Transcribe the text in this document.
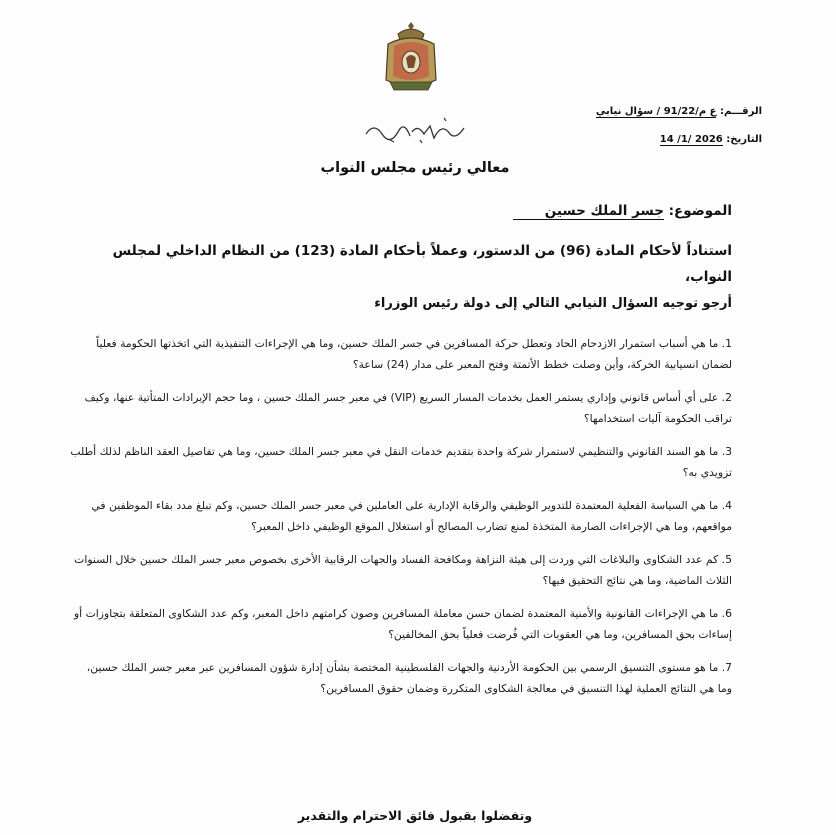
الرقـــم: ع م/91/22 / سؤال نيابي
التاريخ: 2026 /1/ 14
معالي رئيس مجلس النواب
الموضوع: جسر الملك حسين
استناداً لأحكام المادة (96) من الدستور، وعملاً بأحكام المادة (123) من النظام الداخلي لمجلس النواب،
أرجو توجيه السؤال النيابي التالي إلى دولة رئيس الوزراء

1. ما هي أسباب استمرار الازدحام الحاد وتعطل حركة المسافرين في جسر الملك حسين، وما هي الإجراءات التنفيذية التي اتخذتها الحكومة فعلياً لضمان انسيابية الحركة، وأين وصلت خطط الأتمتة وفتح المعبر على مدار (24) ساعة؟

2. على أي أساس قانوني وإداري يستمر العمل بخدمات المسار السريع (VIP) في معبر جسر الملك حسين ، وما حجم الإيرادات المتأتية عنها، وكيف تراقب الحكومة آليات استخدامها؟

3. ما هو السند القانوني والتنظيمي لاستمرار شركة واحدة بتقديم خدمات النقل في معبر جسر الملك حسين، وما هي تفاصيل العقد الناظم لذلك أطلب تزويدي به؟

4. ما هي السياسة الفعلية المعتمدة للتدوير الوظيفي والرقابة الإدارية على العاملين في معبر جسر الملك حسين، وكم تبلغ مدد بقاء الموظفين في مواقعهم، وما هي الإجراءات الصارمة المتخذة لمنع تضارب المصالح أو استغلال الموقع الوظيفي داخل المعبر؟

5. كم عدد الشكاوى والبلاغات التي وردت إلى هيئة النزاهة ومكافحة الفساد والجهات الرقابية الأخرى بخصوص معبر جسر الملك حسين خلال السنوات الثلاث الماضية، وما هي نتائج التحقيق فيها؟

6. ما هي الإجراءات القانونية والأمنية المعتمدة لضمان حسن معاملة المسافرين وصون كرامتهم داخل المعبر، وكم عدد الشكاوى المتعلقة بتجاوزات أو إساءات بحق المسافرين، وما هي العقوبات التي فُرضت فعلياً بحق المخالفين؟

7. ما هو مستوى التنسيق الرسمي بين الحكومة الأردنية والجهات الفلسطينية المختصة بشأن إدارة شؤون المسافرين عبر معبر جسر الملك حسين، وما هي النتائج العملية لهذا التنسيق في معالجة الشكاوى المتكررة وضمان حقوق المسافرين؟

وتفضلوا بقبول فائق الاحترام والتقدير
